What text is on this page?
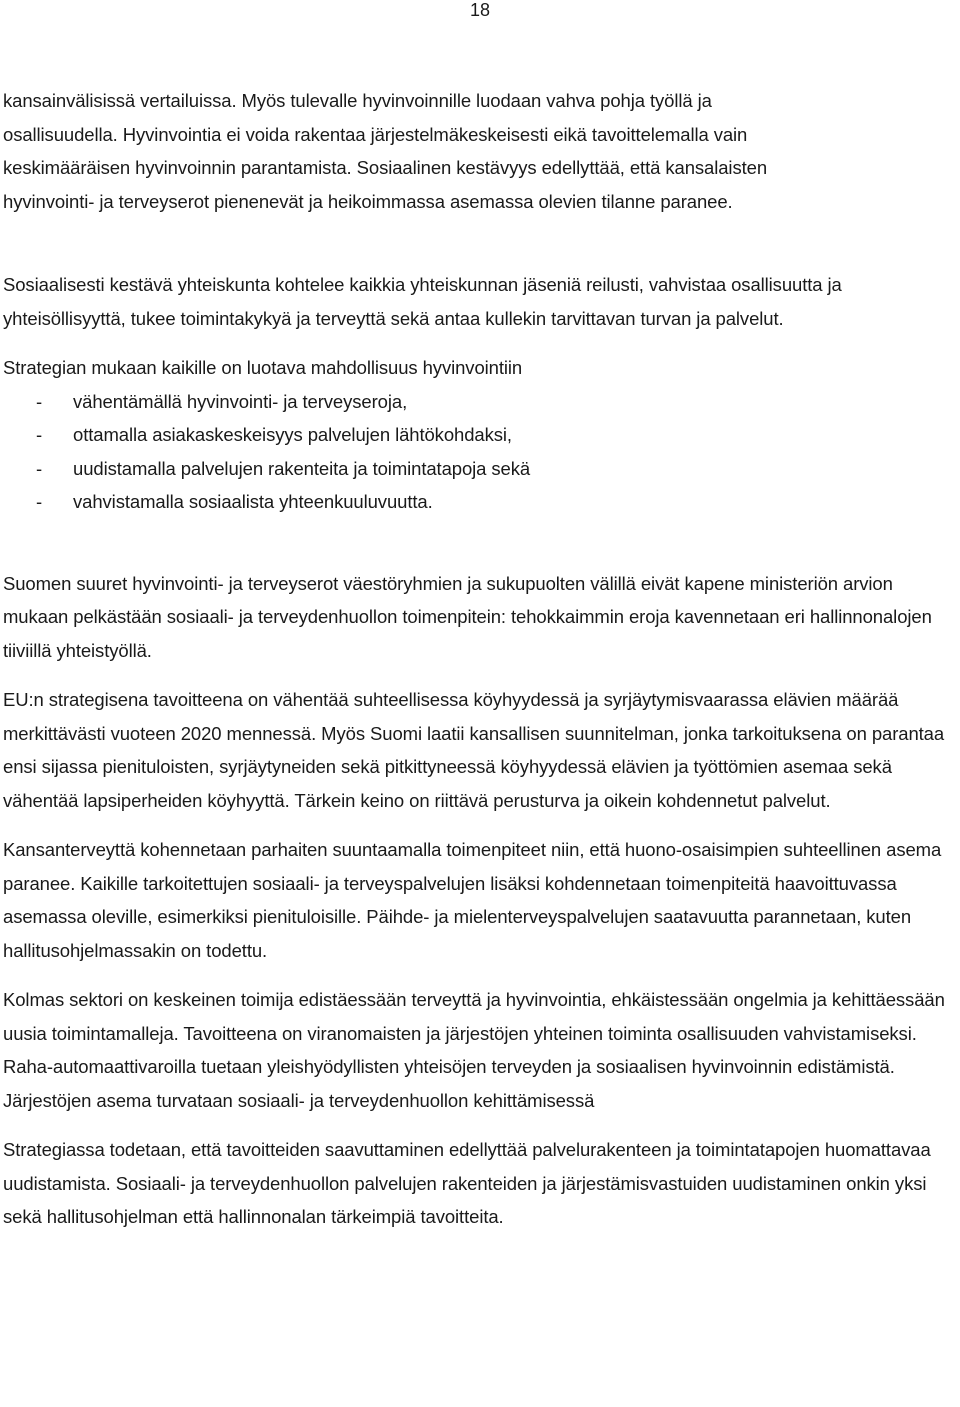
18

kansainvälisissä vertailuissa. Myös tulevalle hyvinvoinnille luodaan vahva pohja työllä ja
osallisuudella. Hyvinvointia ei voida rakentaa järjestelmäkeskeisesti eikä tavoittelemalla vain
keskimääräisen hyvinvoinnin parantamista. Sosiaalinen kestävyys edellyttää, että kansalaisten
hyvinvointi- ja terveyserot pienenevät ja heikoimmassa asemassa olevien tilanne paranee.

Sosiaalisesti kestävä yhteiskunta kohtelee kaikkia yhteiskunnan jäseniä reilusti, vahvistaa osallisuutta ja yhteisöllisyyttä, tukee toimintakykyä ja terveyttä sekä antaa kullekin tarvittavan turvan ja palvelut.

Strategian mukaan kaikille on luotava mahdollisuus hyvinvointiin

- vähentämällä hyvinvointi- ja terveyseroja,
- ottamalla asiakaskeskeisyys palvelujen lähtökohdaksi,
- uudistamalla palvelujen rakenteita ja toimintatapoja sekä
- vahvistamalla sosiaalista yhteenkuuluvuutta.

Suomen suuret hyvinvointi- ja terveyserot väestöryhmien ja sukupuolten välillä eivät kapene ministeriön arvion mukaan pelkästään sosiaali- ja terveydenhuollon toimenpitein: tehokkaimmin eroja kavennetaan eri hallinnonalojen tiiviillä yhteistyöllä.

EU:n strategisena tavoitteena on vähentää suhteellisessa köyhyydessä ja syrjäytymisvaarassa elävien määrää merkittävästi vuoteen 2020 mennessä. Myös Suomi laatii kansallisen suunnitelman, jonka tarkoituksena on parantaa ensi sijassa pienituloisten, syrjäytyneiden sekä pitkittyneessä köyhyydessä elävien ja työttömien asemaa sekä vähentää lapsiperheiden köyhyyttä. Tärkein keino on riittävä perusturva ja oikein kohdennetut palvelut.

Kansanterveyttä kohennetaan parhaiten suuntaamalla toimenpiteet niin, että huono-osaisimpien suhteellinen asema paranee. Kaikille tarkoitettujen sosiaali- ja terveyspalvelujen lisäksi kohdennetaan toimenpiteitä haavoittuvassa asemassa oleville, esimerkiksi pienituloisille. Päihde- ja mielenterveyspalvelujen saatavuutta parannetaan, kuten hallitusohjelmassakin on todettu.

Kolmas sektori on keskeinen toimija edistäessään terveyttä ja hyvinvointia, ehkäistessään ongelmia ja kehittäessään uusia toimintamalleja. Tavoitteena on viranomaisten ja järjestöjen yhteinen toiminta osallisuuden vahvistamiseksi. Raha-automaattivaroilla tuetaan yleishyödyllisten yhteisöjen terveyden ja sosiaalisen hyvinvoinnin edistämistä. Järjestöjen asema turvataan sosiaali- ja terveydenhuollon kehittämisessä

Strategiassa todetaan, että tavoitteiden saavuttaminen edellyttää palvelurakenteen ja toimintatapojen huomattavaa uudistamista. Sosiaali- ja terveydenhuollon palvelujen rakenteiden ja järjestämisvastuiden uudistaminen onkin yksi sekä hallitusohjelman että hallinnonalan tärkeimpiä tavoitteita.
